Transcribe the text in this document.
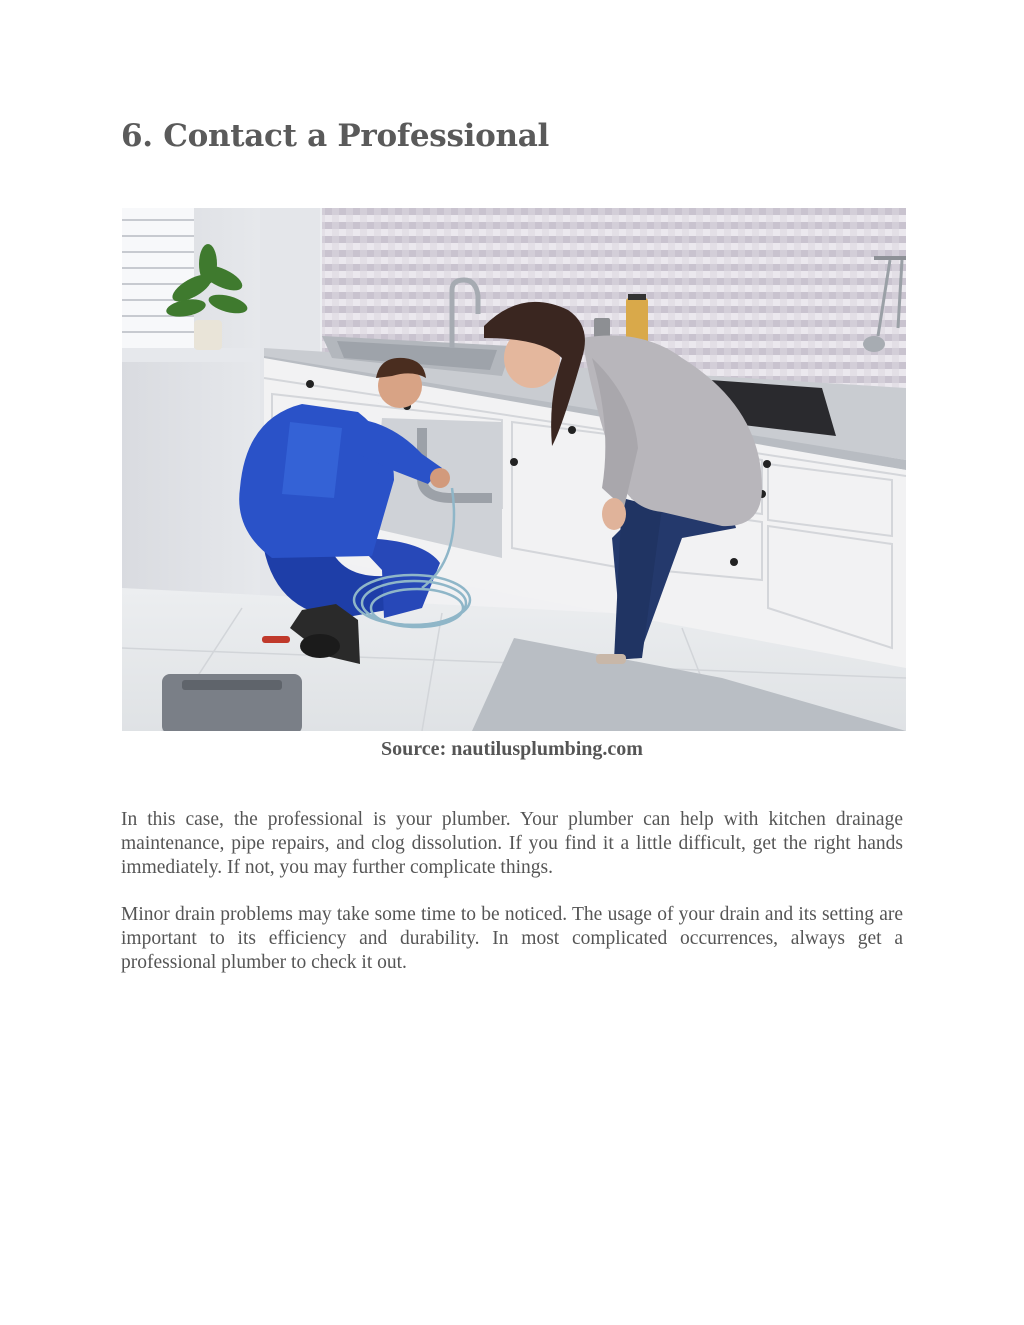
6. Contact a Professional
Source: nautilusplumbing.com

In this case, the professional is your plumber. Your plumber can help with kitchen drainage maintenance, pipe repairs, and clog dissolution. If you find it a little difficult, get the right hands immediately. If not, you may further complicate things.

Minor drain problems may take some time to be noticed. The usage of your drain and its setting are important to its efficiency and durability. In most complicated occurrences, always get a professional plumber to check it out.
